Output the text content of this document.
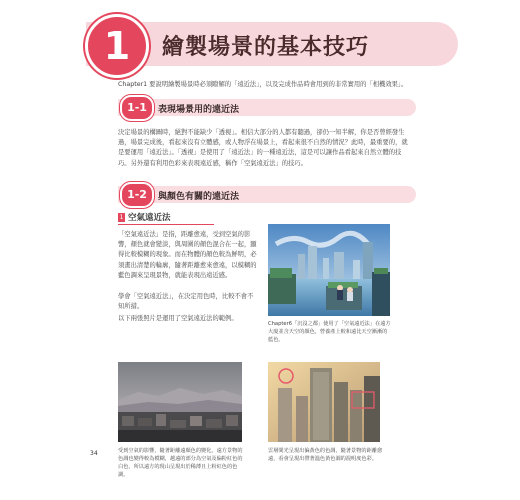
1	繪製場景的基本技巧
Chapter1 要說明繪製場景時必須瞭解的「遠近法」，以及完成作品時會用到的非常實用的「相機效果」。
1-1	表現場景用的遠近法
決定場景的構圖時，絕對不能缺少「透視」。相信大部分的人都有聽過，卻仍一知半解，你是否曾經發生過，場景完成後，看起來沒有立體感，或人物浮在場景上，看起來很不自然的情況？此時，最重要的，就是要運用「遠近法」。「透視」是使用了「遠近法」的一種遠近法，這是可以讓作品看起來自然立體的技巧。另外還有利用色彩來表現遠近感，稱作「空氣遠近法」的技巧。
1-2	與顏色有關的遠近法
1 空氣遠近法
「空氣遠近法」是指，距離愈遠，受到空氣的影響，顏色就會變淡，與周圍的顏色混合在一起，顯得比較模糊的現象。而在物體的顏色較為鮮明，必須畫出清楚的輪廓，隨著距離愈來愈遠，以模糊的藍色調來呈現景物，就能表現出遠近感。
學會「空氣遠近法」，在決定用色時，比較不會不知所措。
以下兩張照片是運用了空氣遠近法的範例。
Chapter6「沉沒之都」使用了「空氣遠近法」在遠方大廈並含天空的顏色，營養產上較和遠比天空漸漸的藍色。
受到空氣的影響，隨著距離遠顏色的變化，遠方景物的色調也變得較為模糊，越遠的部分為空氣及偏粉紅色的白色，所以遠方的現山呈現出於稀薄且上粉紅色的色調。
雲層間光呈現出偏黃色的色調，隨著景物的距離愈遠，看會呈現出帶著溫色黃色調的混明度色彩。
34
